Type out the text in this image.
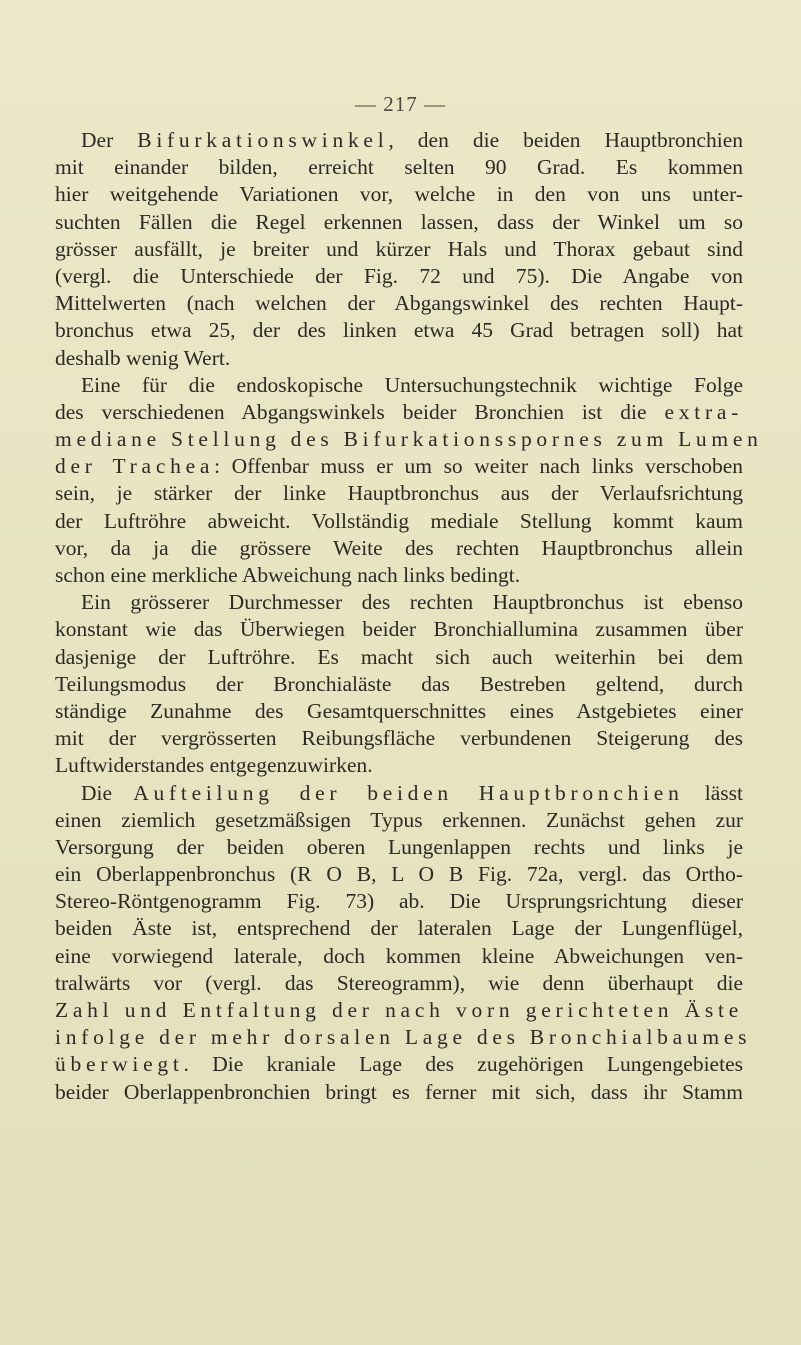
— 217 —
Der Bifurkationswinkel, den die beiden Hauptbronchien
mit einander bilden, erreicht selten 90 Grad. Es kommen
hier weitgehende Variationen vor, welche in den von uns unter-
suchten Fällen die Regel erkennen lassen, dass der Winkel um so
grösser ausfällt, je breiter und kürzer Hals und Thorax gebaut sind
(vergl. die Unterschiede der Fig. 72 und 75). Die Angabe von
Mittelwerten (nach welchen der Abgangswinkel des rechten Haupt-
bronchus etwa 25, der des linken etwa 45 Grad betragen soll) hat
deshalb wenig Wert.
Eine für die endoskopische Untersuchungstechnik wichtige Folge
des verschiedenen Abgangswinkels beider Bronchien ist die extra-
mediane Stellung des Bifurkationsspornes zum Lumen
der Trachea: Offenbar muss er um so weiter nach links verschoben
sein, je stärker der linke Hauptbronchus aus der Verlaufsrichtung
der Luftröhre abweicht. Vollständig mediale Stellung kommt kaum
vor, da ja die grössere Weite des rechten Hauptbronchus allein
schon eine merkliche Abweichung nach links bedingt.
Ein grösserer Durchmesser des rechten Hauptbronchus ist ebenso
konstant wie das Überwiegen beider Bronchiallumina zusammen über
dasjenige der Luftröhre. Es macht sich auch weiterhin bei dem
Teilungsmodus der Bronchialäste das Bestreben geltend, durch
ständige Zunahme des Gesamtquerschnittes eines Astgebietes einer
mit der vergrösserten Reibungsfläche verbundenen Steigerung des
Luftwiderstandes entgegenzuwirken.
Die Aufteilung der beiden Hauptbronchien lässt
einen ziemlich gesetzmäßsigen Typus erkennen. Zunächst gehen zur
Versorgung der beiden oberen Lungenlappen rechts und links je
ein Oberlappenbronchus (R O B, L O B Fig. 72a, vergl. das Ortho-
Stereo-Röntgenogramm Fig. 73) ab. Die Ursprungsrichtung dieser
beiden Äste ist, entsprechend der lateralen Lage der Lungenflügel,
eine vorwiegend laterale, doch kommen kleine Abweichungen ven-
tralwärts vor (vergl. das Stereogramm), wie denn überhaupt die
Zahl und Entfaltung der nach vorn gerichteten Äste
infolge der mehr dorsalen Lage des Bronchialbaumes
überwiegt. Die kraniale Lage des zugehörigen Lungengebietes
beider Oberlappenbronchien bringt es ferner mit sich, dass ihr Stamm
